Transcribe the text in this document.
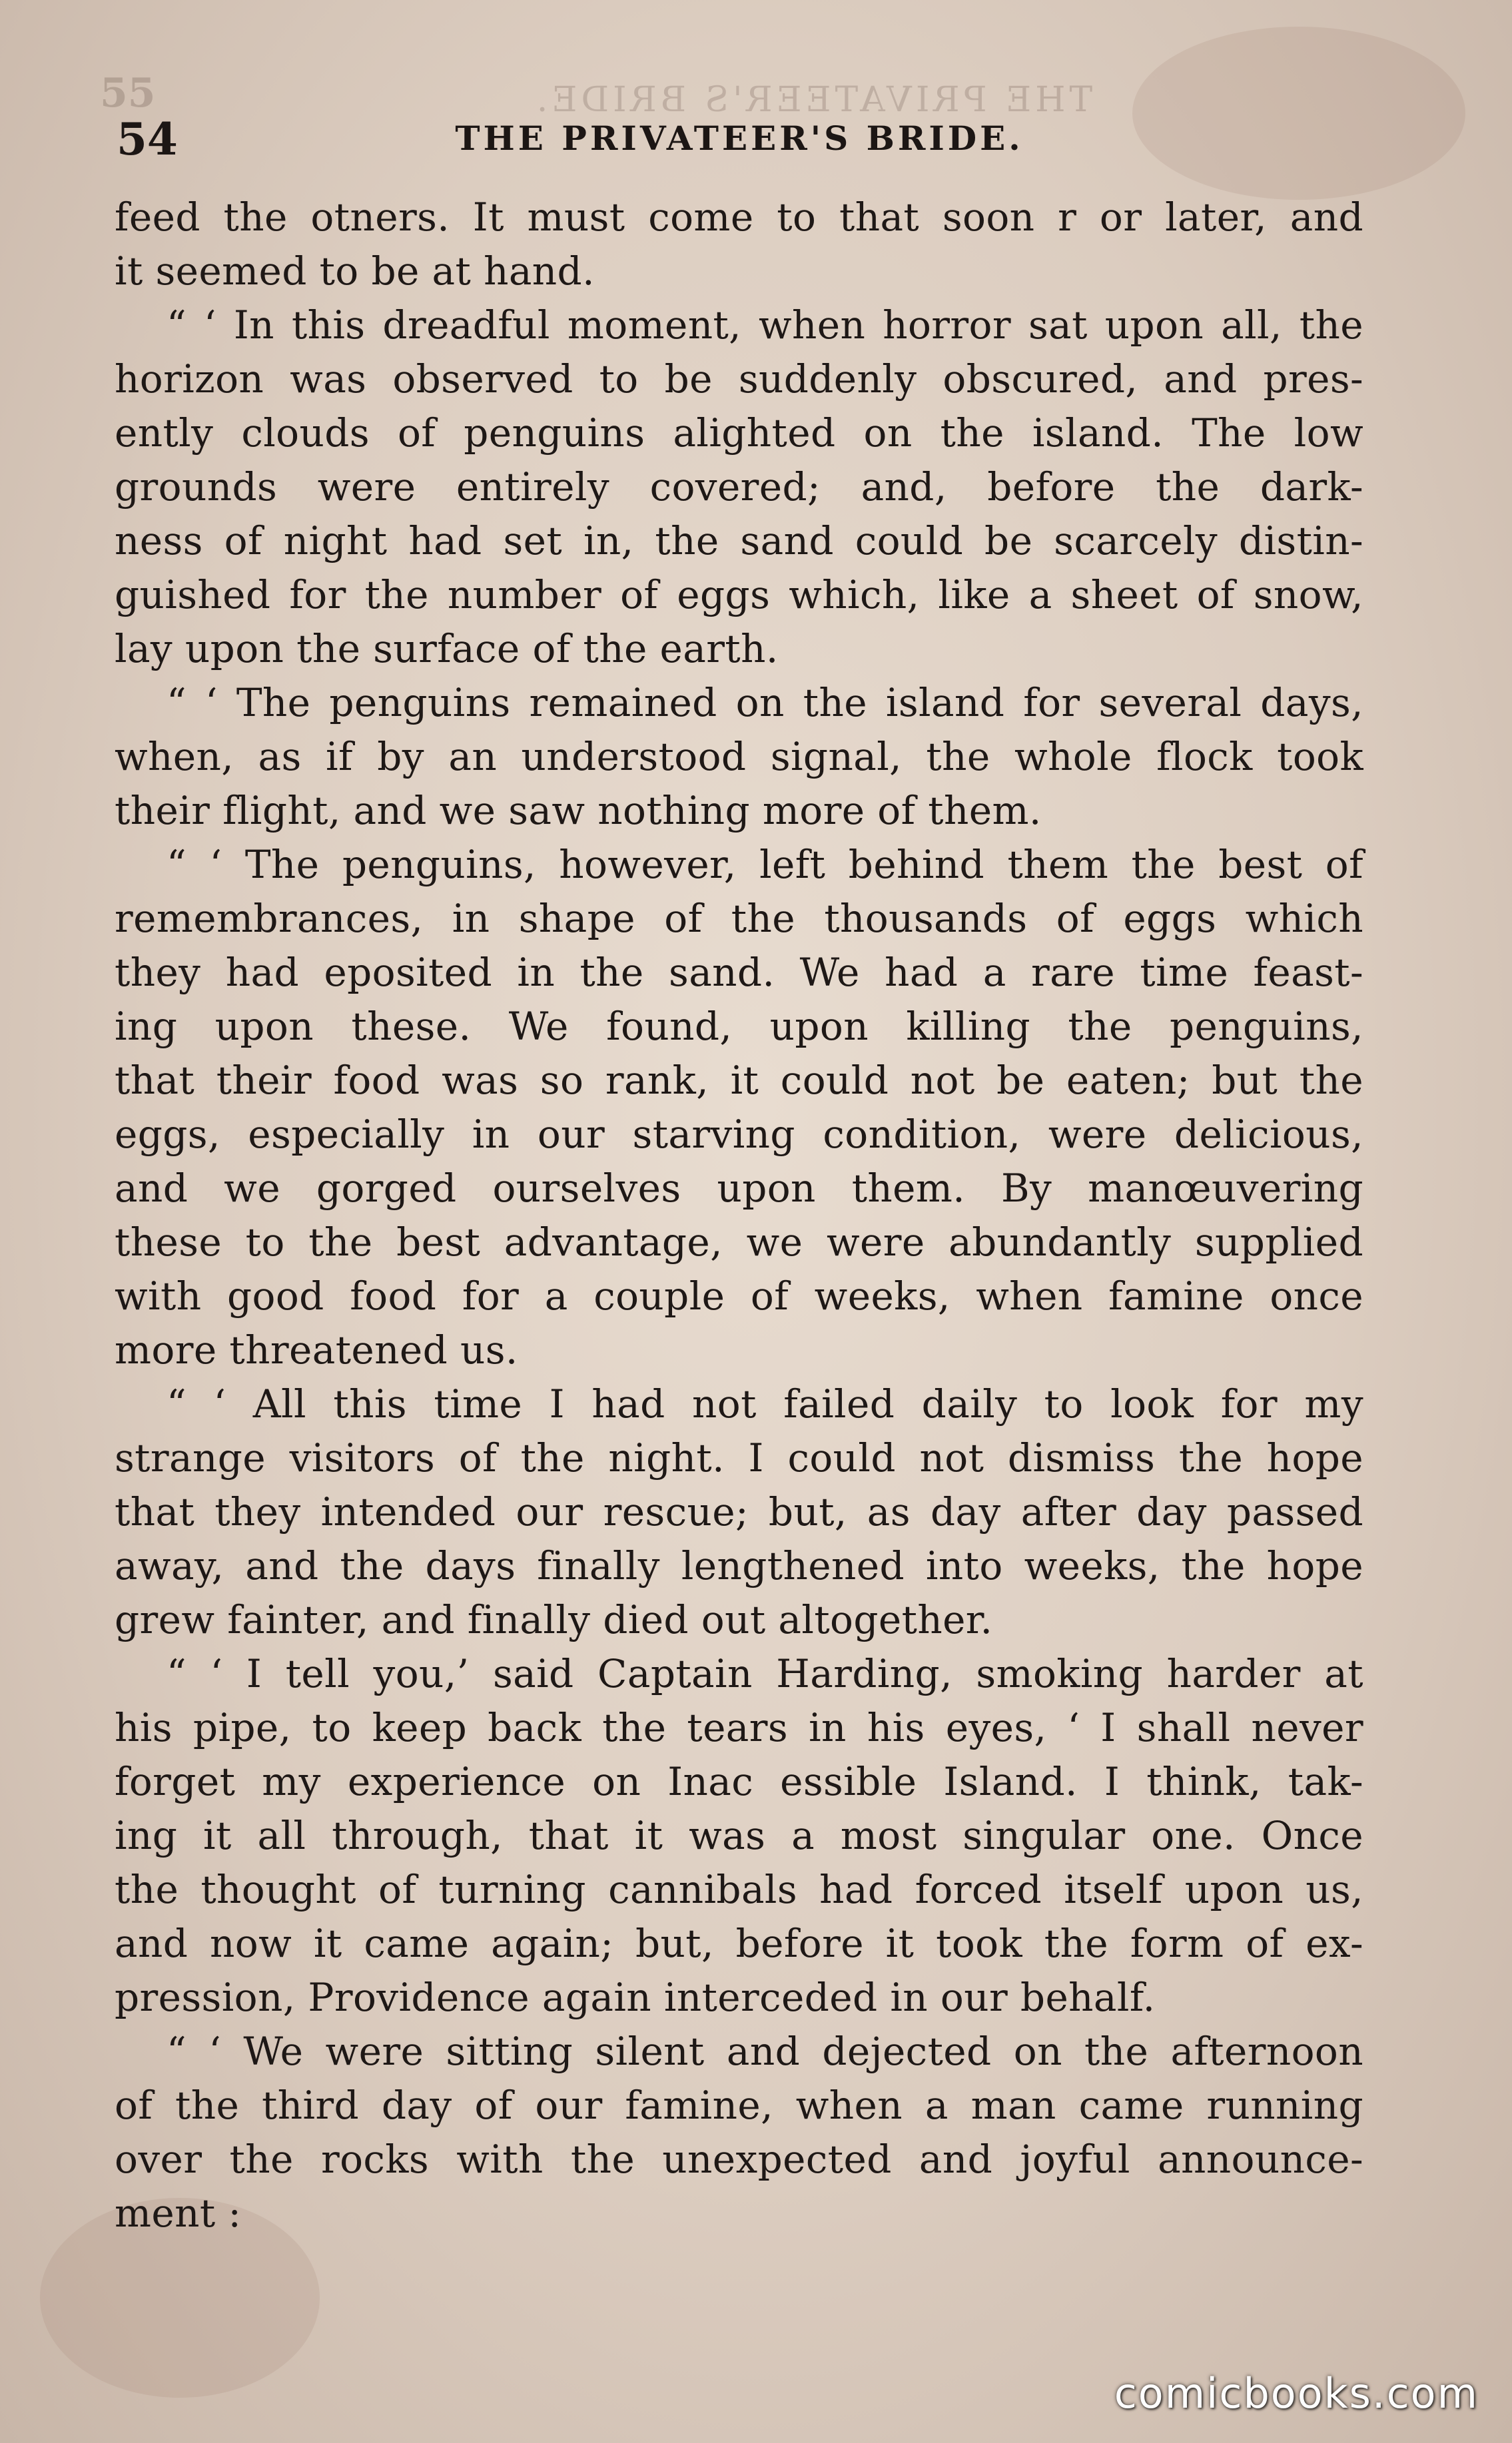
55	THE PRIVATEER'S BRIDE.
54	THE PRIVATEER'S BRIDE.
feed the otners. It must come to that soon r or later, and
it seemed to be at hand.
“ ‘ In this dreadful moment, when horror sat upon all, the
horizon was observed to be suddenly obscured, and pres-
ently clouds of penguins alighted on the island. The low
grounds were entirely covered; and, before the dark-
ness of night had set in, the sand could be scarcely distin-
guished for the number of eggs which, like a sheet of snow,
lay upon the surface of the earth.
“ ‘ The penguins remained on the island for several days,
when, as if by an understood signal, the whole flock took
their flight, and we saw nothing more of them.
“ ‘ The penguins, however, left behind them the best of
remembrances, in shape of the thousands of eggs which
they had eposited in the sand. We had a rare time feast-
ing upon these. We found, upon killing the penguins,
that their food was so rank, it could not be eaten; but the
eggs, especially in our starving condition, were delicious,
and we gorged ourselves upon them. By manœuvering
these to the best advantage, we were abundantly supplied
with good food for a couple of weeks, when famine once
more threatened us.
“ ‘ All this time I had not failed daily to look for my
strange visitors of the night. I could not dismiss the hope
that they intended our rescue; but, as day after day passed
away, and the days finally lengthened into weeks, the hope
grew fainter, and finally died out altogether.
“ ‘ I tell you,’ said Captain Harding, smoking harder at
his pipe, to keep back the tears in his eyes, ‘ I shall never
forget my experience on Inac essible Island. I think, tak-
ing it all through, that it was a most singular one. Once
the thought of turning cannibals had forced itself upon us,
and now it came again; but, before it took the form of ex-
pression, Providence again interceded in our behalf.
“ ‘ We were sitting silent and dejected on the afternoon
of the third day of our famine, when a man came running
over the rocks with the unexpected and joyful announce-
ment :
comicbooks.com
